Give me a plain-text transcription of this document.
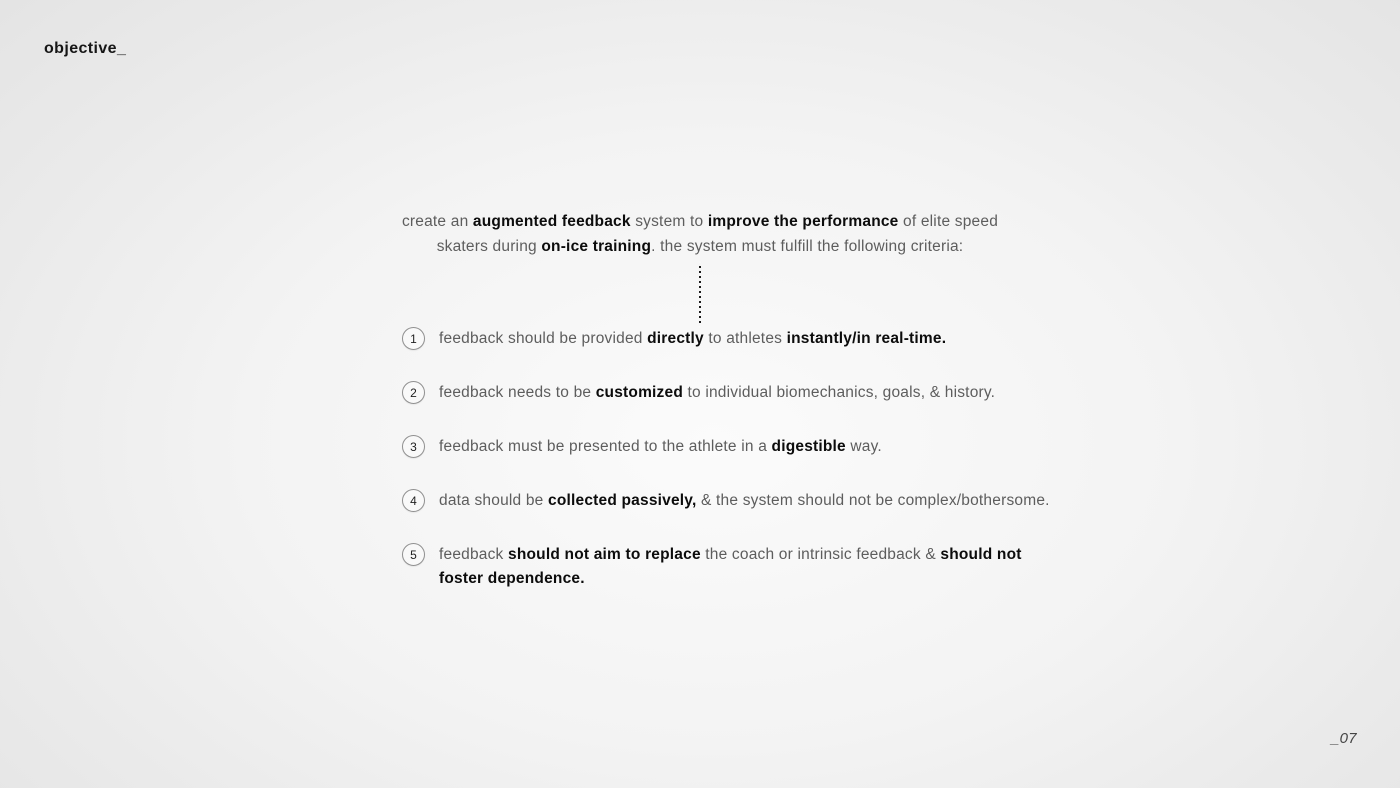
objective_
create an augmented feedback system to improve the performance of elite speed
skaters during on-ice training. the system must fulfill the following criteria:
1	feedback should be provided directly to athletes instantly/in real-time.
2	feedback needs to be customized to individual biomechanics, goals, & history.
3	feedback must be presented to the athlete in a digestible way.
4	data should be collected passively, & the system should not be complex/bothersome.
5	feedback should not aim to replace the coach or intrinsic feedback & should not
foster dependence.
_07
